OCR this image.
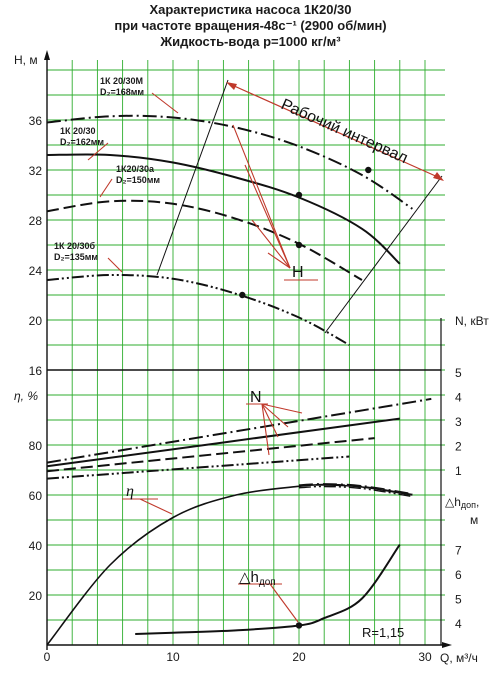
Характеристика насоса 1К20/30
при частоте вращения-48с⁻¹ (2900 об/мин)
Жидкость-вода р=1000 кг/м³
16
20
24
28
32
36
20
40
60
80
0	10	20	30
1
2
3
4
5
4
5
6
7
H, м
η, %
N, кВт
Q, м³/ч
△hдоп,
м
1К 20/30М
D₂=168мм
1К 20/30
D₂=162мм
1К20/30а
D₂=150мм
1К 20/30б
D₂=135мм
Рабочий интервал
H
N
η
$\triangle h_{доп}$
R=1,15
